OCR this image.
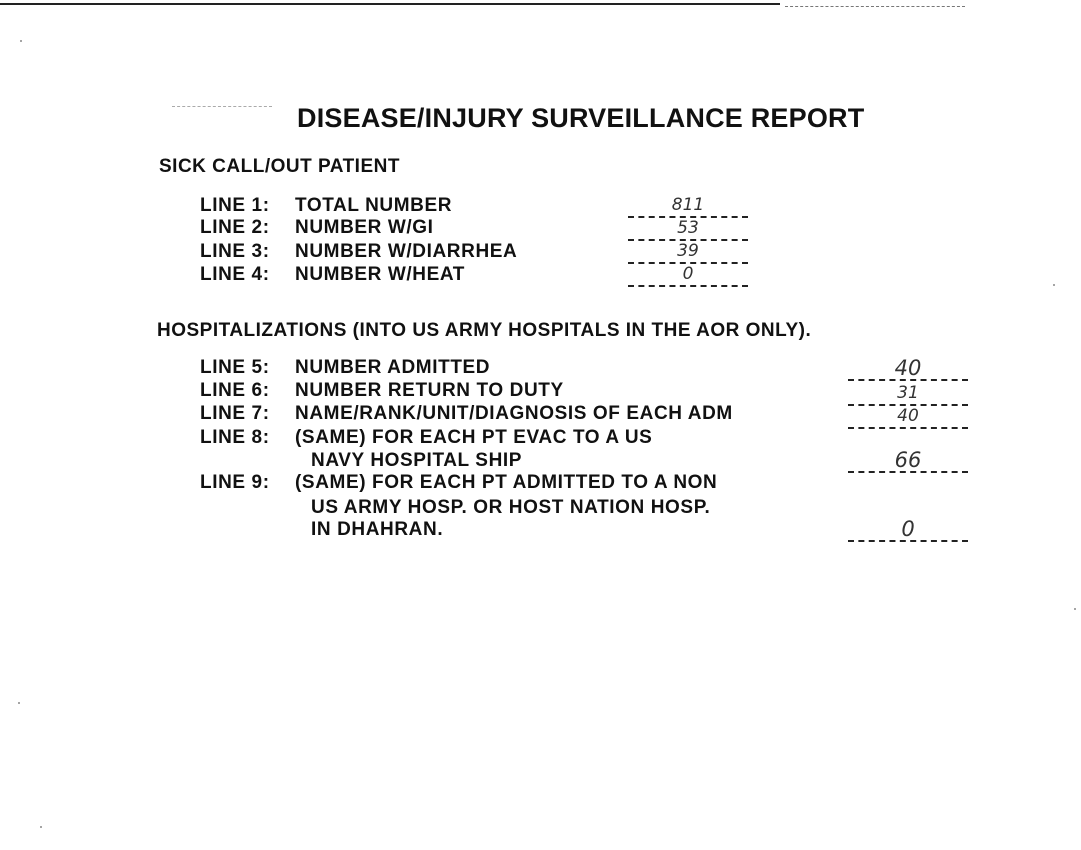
DISEASE/INJURY SURVEILLANCE REPORT
SICK CALL/OUT PATIENT
LINE 1: TOTAL NUMBER
LINE 2: NUMBER W/GI
LINE 3: NUMBER W/DIARRHEA
LINE 4: NUMBER W/HEAT
811
53
39
0
HOSPITALIZATIONS (INTO US ARMY HOSPITALS IN THE AOR ONLY).
LINE 5: NUMBER ADMITTED
LINE 6: NUMBER RETURN TO DUTY
LINE 7: NAME/RANK/UNIT/DIAGNOSIS OF EACH ADM
LINE 8: (SAME) FOR EACH PT EVAC TO A US
NAVY HOSPITAL SHIP
LINE 9: (SAME) FOR EACH PT ADMITTED TO A NON
US ARMY HOSP. OR HOST NATION HOSP.
IN DHAHRAN.
40
31
40
66
0
